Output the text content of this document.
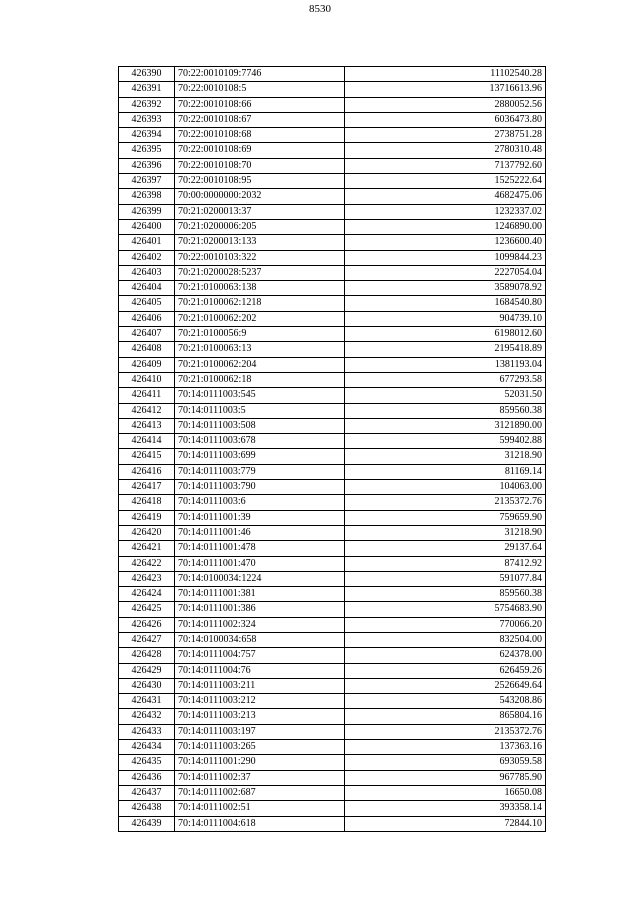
8530
426390	70:22:0010109:7746	11102540.28
426391	70:22:0010108:5	13716613.96
426392	70:22:0010108:66	2880052.56
426393	70:22:0010108:67	6036473.80
426394	70:22:0010108:68	2738751.28
426395	70:22:0010108:69	2780310.48
426396	70:22:0010108:70	7137792.60
426397	70:22:0010108:95	1525222.64
426398	70:00:0000000:2032	4682475.06
426399	70:21:0200013:37	1232337.02
426400	70:21:0200006:205	1246890.00
426401	70:21:0200013:133	1236600.40
426402	70:22:0010103:322	1099844.23
426403	70:21:0200028:5237	2227054.04
426404	70:21:0100063:138	3589078.92
426405	70:21:0100062:1218	1684540.80
426406	70:21:0100062:202	904739.10
426407	70:21:0100056:9	6198012.60
426408	70:21:0100063:13	2195418.89
426409	70:21:0100062:204	1381193.04
426410	70:21:0100062:18	677293.58
426411	70:14:0111003:545	52031.50
426412	70:14:0111003:5	859560.38
426413	70:14:0111003:508	3121890.00
426414	70:14:0111003:678	599402.88
426415	70:14:0111003:699	31218.90
426416	70:14:0111003:779	81169.14
426417	70:14:0111003:790	104063.00
426418	70:14:0111003:6	2135372.76
426419	70:14:0111001:39	759659.90
426420	70:14:0111001:46	31218.90
426421	70:14:0111001:478	29137.64
426422	70:14:0111001:470	87412.92
426423	70:14:0100034:1224	591077.84
426424	70:14:0111001:381	859560.38
426425	70:14:0111001:386	5754683.90
426426	70:14:0111002:324	770066.20
426427	70:14:0100034:658	832504.00
426428	70:14:0111004:757	624378.00
426429	70:14:0111004:76	626459.26
426430	70:14:0111003:211	2526649.64
426431	70:14:0111003:212	543208.86
426432	70:14:0111003:213	865804.16
426433	70:14:0111003:197	2135372.76
426434	70:14:0111003:265	137363.16
426435	70:14:0111001:290	693059.58
426436	70:14:0111002:37	967785.90
426437	70:14:0111002:687	16650.08
426438	70:14:0111002:51	393358.14
426439	70:14:0111004:618	72844.10
